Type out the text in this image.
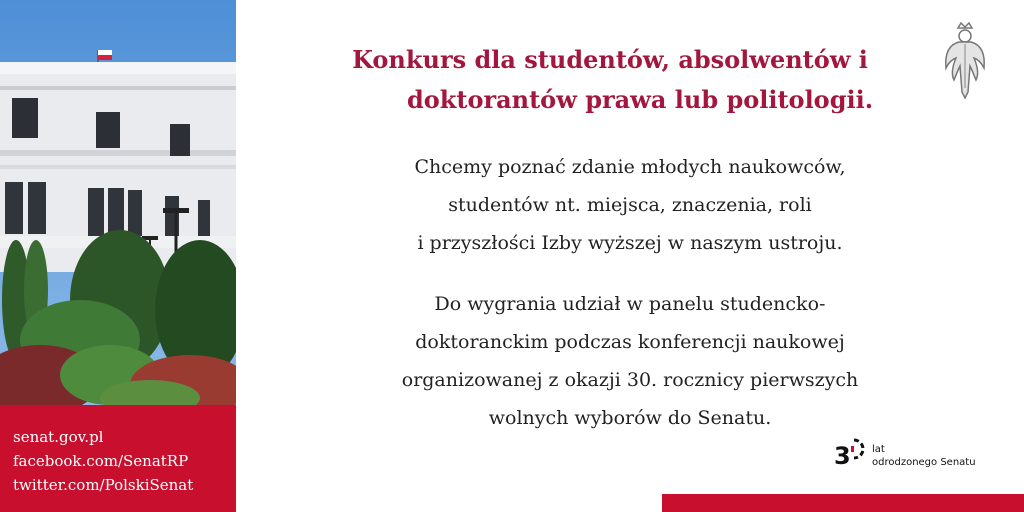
senat.gov.pl
facebook.com/SenatRP
twitter.com/PolskiSenat
Konkurs dla studentów, absolwentów i
doktorantów prawa lub politologii.
Chcemy poznać zdanie młodych naukowców,
studentów nt. miejsca, znaczenia, roli
i przyszłości Izby wyższej w naszym ustroju.
Do wygrania udział w panelu studencko-
doktoranckim podczas konferencji naukowej
organizowanej z okazji 30. rocznicy pierwszych
wolnych wyborów do Senatu.
3 lat
odrodzonego Senatu
